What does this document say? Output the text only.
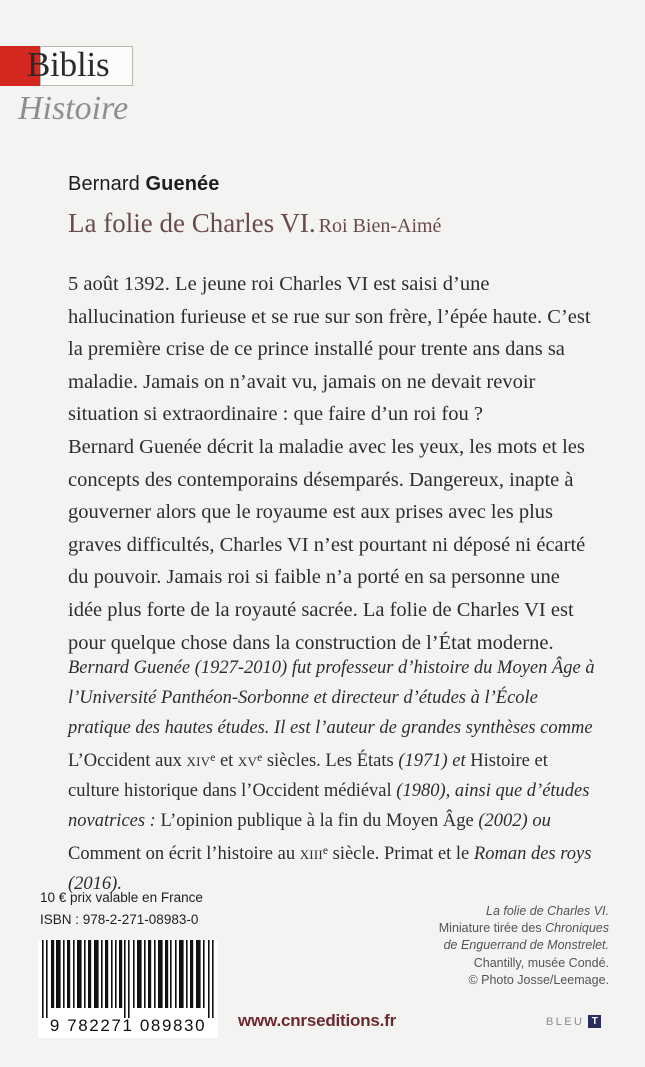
Biblis
Histoire
Bernard Guenée
La folie de Charles VI. Roi Bien-Aimé

5 août 1392. Le jeune roi Charles VI est saisi d’une hallucination furieuse et se rue sur son frère, l’épée haute. C’est la première crise de ce prince installé pour trente ans dans sa maladie. Jamais on n’avait vu, jamais on ne devait revoir situation si extraordinaire : que faire d’un roi fou ?

Bernard Guenée décrit la maladie avec les yeux, les mots et les concepts des contemporains désemparés. Dangereux, inapte à gouverner alors que le royaume est aux prises avec les plus graves difficultés, Charles VI n’est pourtant ni déposé ni écarté du pouvoir. Jamais roi si faible n’a porté en sa personne une idée plus forte de la royauté sacrée. La folie de Charles VI est pour quelque chose dans la construction de l’État moderne.

Bernard Guenée (1927-2010) fut professeur d’histoire du Moyen Âge à l’Université Panthéon-Sorbonne et directeur d’études à l’École pratique des hautes études. Il est l’auteur de grandes synthèses comme L’Occident aux xiv$^e$ et $xv^e$ siècles. Les États (1971) et Histoire et culture historique dans l’Occident médiéval (1980), ainsi que d’études novatrices : L’opinion publique à la fin du Moyen Âge (2002) ou Comment on écrit l’histoire au xiii$^e$ siècle. Primat et le Roman des roys (2016).
10 € prix valable en France
ISBN : 978-2-271-08983-0
9 782271 089830
La folie de Charles VI.
Miniature tirée des Chroniques
de Enguerrand de Monstrelet.
Chantilly, musée Condé.
© Photo Josse/Leemage.
www.cnrseditions.fr	BLEU T
